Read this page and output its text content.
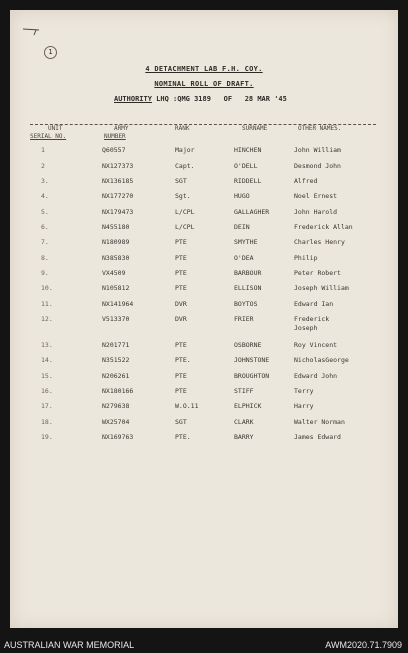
1
4 DETACHMENT LAB F.H. COY.
NOMINAL ROLL OF DRAFT.
AUTHORITY LHQ :QMG 3189 OF 28 MAR '45
UNIT
SERIAL NO.
ARMY
NUMBER
RANK	SURNAME	OTHER NAMES.
1	Q60557	Major	HINCHEN	John William
2	NX127373	Capt.	O'DELL	Desmond John
3.	NX136185	SGT	RIDDELL	Alfred
4.	NX177270	Sgt.	HUGO	Noel Ernest
5.	NX179473	L/CPL	GALLAGHER	John Harold
6.	N455180	L/CPL	DEIN	Frederick Allan
7.	N180989	PTE	SMYTHE	Charles Henry
8.	N385830	PTE	O'DEA	Philip
9.	VX4509	PTE	BARBOUR	Peter Robert
10.	N105812	PTE	ELLISON	Joseph William
11.	NX141964	DVR	BOYTOS	Edward Ian
12.	V513370	DVR	FRIER	Frederick Joseph
13.	N201771	PTE	OSBORNE	Roy Vincent
14.	N351522	PTE.	JOHNSTONE	NicholasGeorge
15.	N206261	PTE	BROUGHTON	Edward John
16.	NX180166	PTE	STIFF	Terry
17.	N279638	W.O.11	ELPHICK	Harry
18.	WX25704	SGT	CLARK	Walter Norman
19.	NX169763	PTE.	BARRY	James Edward
AUSTRALIAN WAR MEMORIAL	AWM2020.71.7909
